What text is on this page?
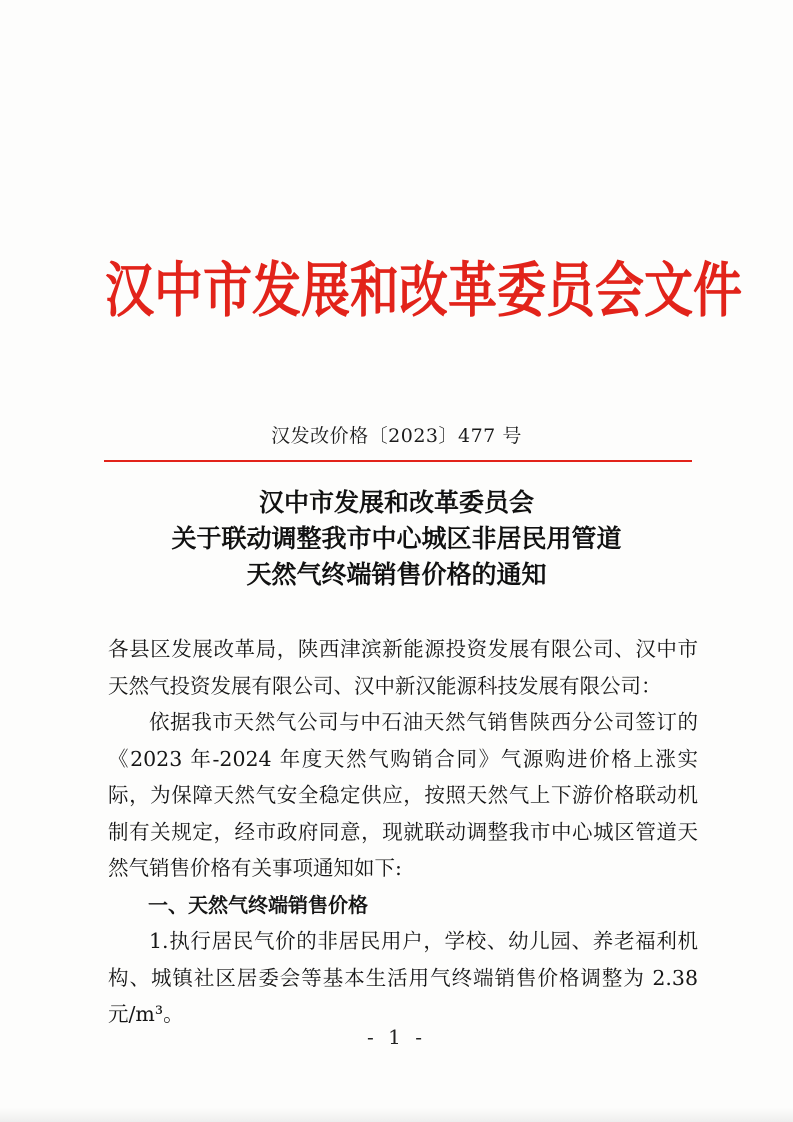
汉中市发展和改革委员会文件
汉发改价格〔2023〕477 号
汉中市发展和改革委员会
关于联动调整我市中心城区非居民用管道
天然气终端销售价格的通知

各县区发展改革局，陕西津滨新能源投资发展有限公司、汉中市天然气投资发展有限公司、汉中新汉能源科技发展有限公司：

依据我市天然气公司与中石油天然气销售陕西分公司签订的《2023 年-2024 年度天然气购销合同》气源购进价格上涨实际，为保障天然气安全稳定供应，按照天然气上下游价格联动机制有关规定，经市政府同意，现就联动调整我市中心城区管道天然气销售价格有关事项通知如下:

一、天然气终端销售价格

1.执行居民气价的非居民用户，学校、幼儿园、养老福利机构、城镇社区居委会等基本生活用气终端销售价格调整为 2.38 元/m³。

- 1 -
